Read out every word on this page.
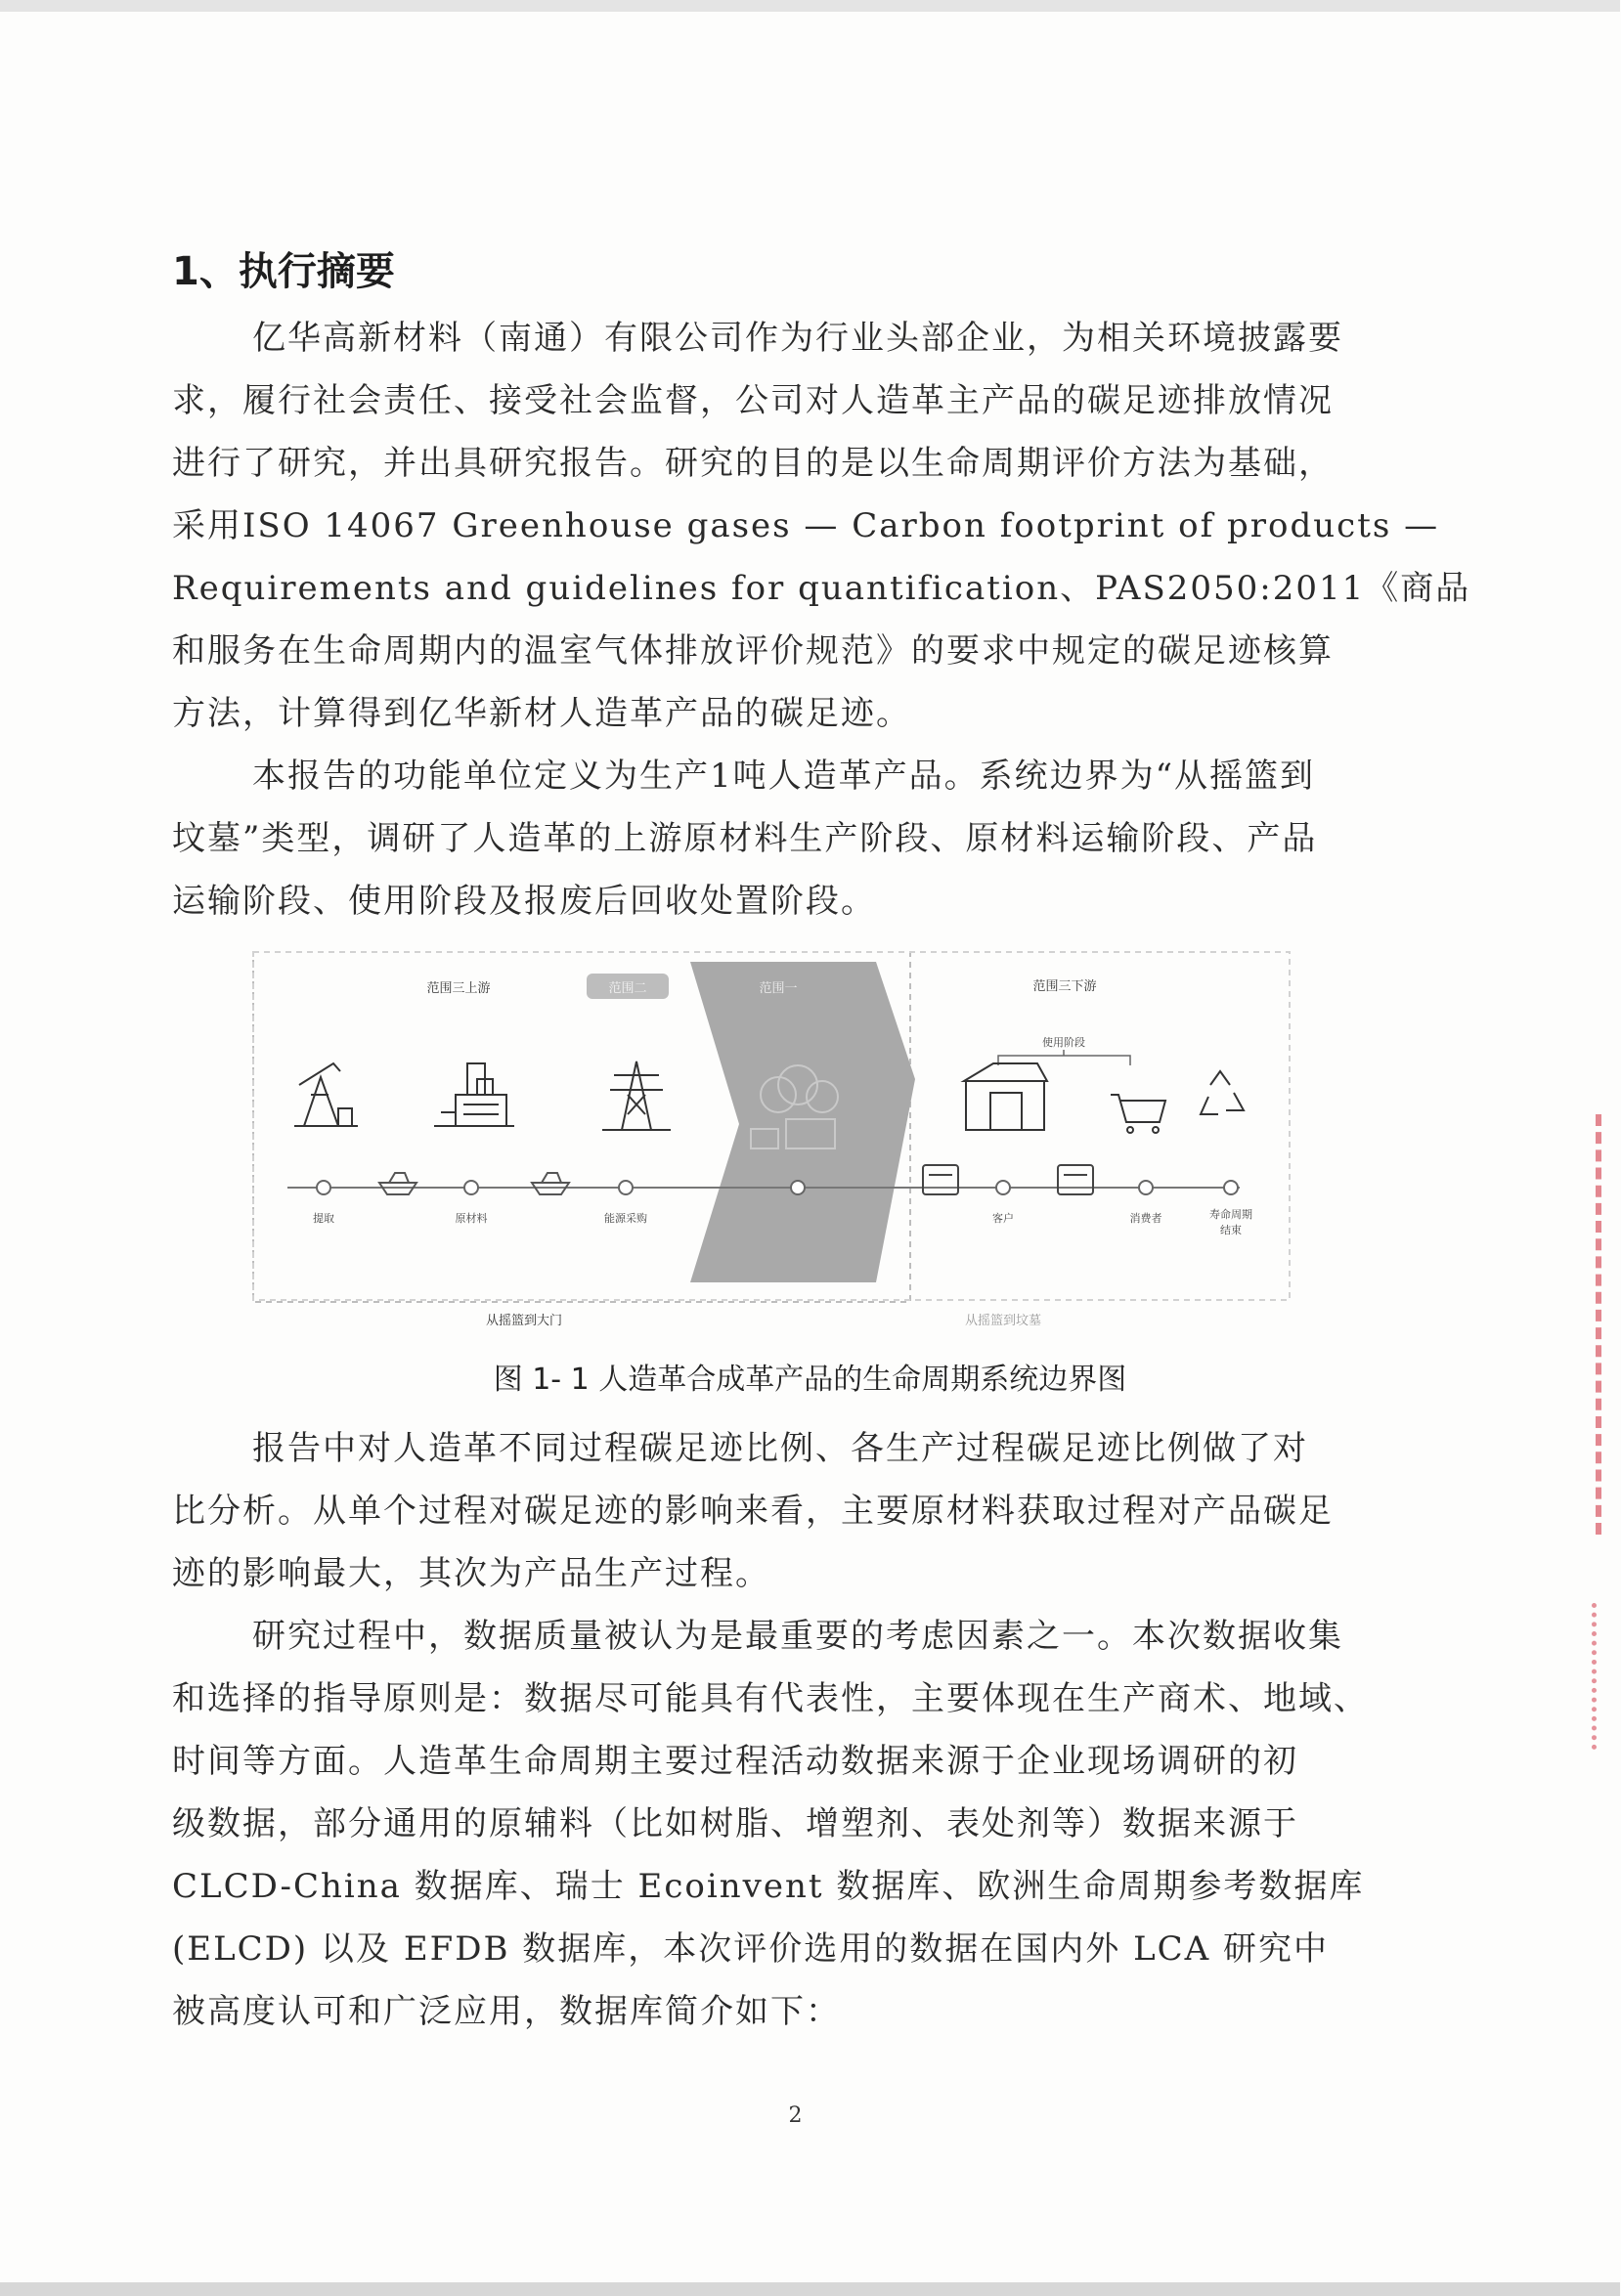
1、执行摘要

亿华高新材料（南通）有限公司作为行业头部企业，为相关环境披露要
求，履行社会责任、接受社会监督，公司对人造革主产品的碳足迹排放情况
进行了研究，并出具研究报告。研究的目的是以生命周期评价方法为基础，
采用ISO 14067 Greenhouse gases — Carbon footprint of products —
Requirements and guidelines for quantification、PAS2050:2011《商品
和服务在生命周期内的温室气体排放评价规范》的要求中规定的碳足迹核算
方法，计算得到亿华新材人造革产品的碳足迹。

本报告的功能单位定义为生产1吨人造革产品。系统边界为“从摇篮到
坟墓”类型，调研了人造革的上游原材料生产阶段、原材料运输阶段、产品
运输阶段、使用阶段及报废后回收处置阶段。

范围二	范围一
范围三上游	范围三下游
使用阶段
提取	原材料	能源采购	客户	消费者	寿命周期
结束
从摇篮到大门	从摇篮到坟墓
图 1- 1 人造革合成革产品的生命周期系统边界图

报告中对人造革不同过程碳足迹比例、各生产过程碳足迹比例做了对
比分析。从单个过程对碳足迹的影响来看，主要原材料获取过程对产品碳足
迹的影响最大，其次为产品生产过程。

研究过程中，数据质量被认为是最重要的考虑因素之一。本次数据收集
和选择的指导原则是：数据尽可能具有代表性，主要体现在生产商术、地域、
时间等方面。人造革生命周期主要过程活动数据来源于企业现场调研的初
级数据，部分通用的原辅料（比如树脂、增塑剂、表处剂等）数据来源于
CLCD-China 数据库、瑞士 Ecoinvent 数据库、欧洲生命周期参考数据库
(ELCD) 以及 EFDB 数据库，本次评价选用的数据在国内外 LCA 研究中
被高度认可和广泛应用，数据库简介如下：

2
